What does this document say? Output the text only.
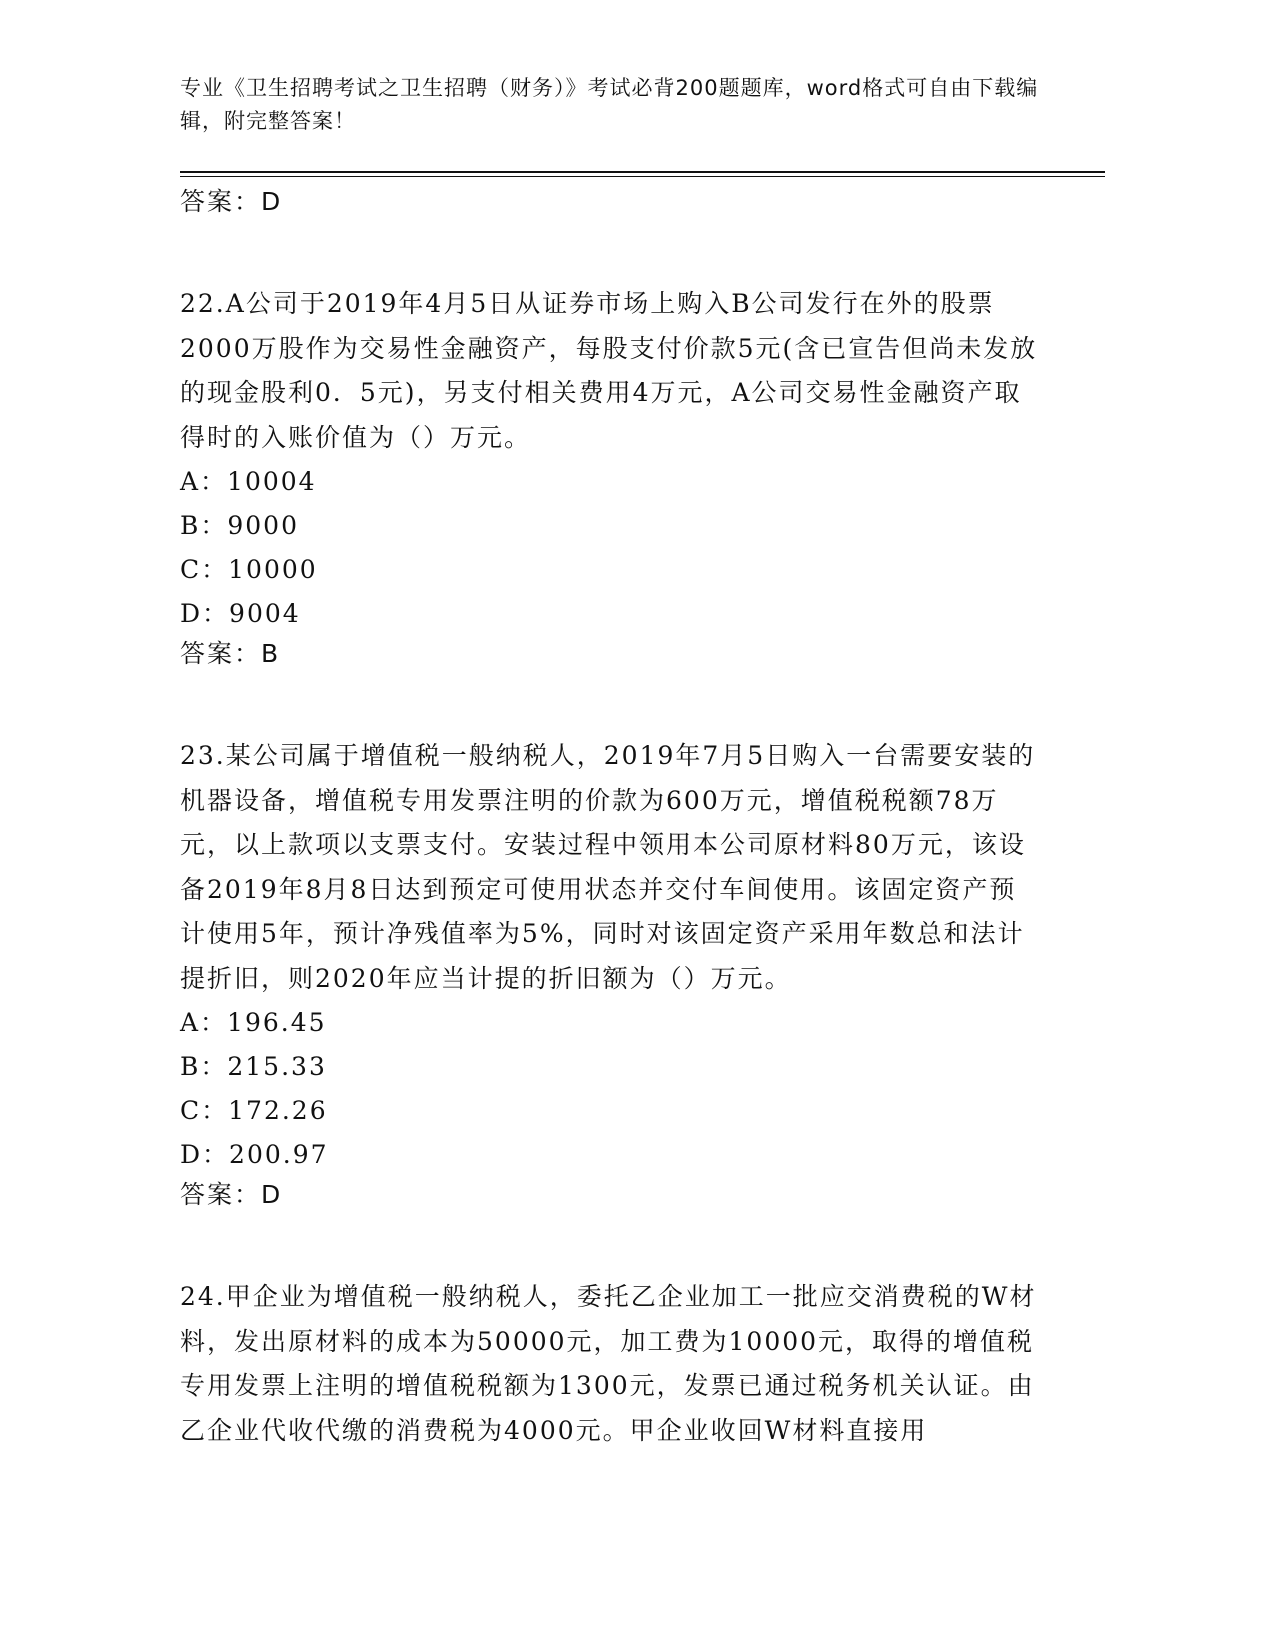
专业《卫生招聘考试之卫生招聘（财务）》考试必背200题题库，word格式可自由下载编辑，附完整答案！

答案：D

22.A公司于2019年4月5日从证券市场上购入B公司发行在外的股票2000万股作为交易性金融资产，每股支付价款5元(含已宣告但尚未发放的现金股利0．5元)，另支付相关费用4万元，A公司交易性金融资产取得时的入账价值为（）万元。

A：10004

B：9000

C：10000

D：9004

答案：B

23.某公司属于增值税一般纳税人，2019年7月5日购入一台需要安装的机器设备，增值税专用发票注明的价款为600万元，增值税税额78万元，以上款项以支票支付。安装过程中领用本公司原材料80万元，该设备2019年8月8日达到预定可使用状态并交付车间使用。该固定资产预计使用5年，预计净残值率为5%，同时对该固定资产采用年数总和法计提折旧，则2020年应当计提的折旧额为（）万元。

A：196.45

B：215.33

C：172.26

D：200.97

答案：D

24.甲企业为增值税一般纳税人，委托乙企业加工一批应交消费税的W材料，发出原材料的成本为50000元，加工费为10000元，取得的增值税专用发票上注明的增值税税额为1300元，发票已通过税务机关认证。由乙企业代收代缴的消费税为4000元。甲企业收回W材料直接用
